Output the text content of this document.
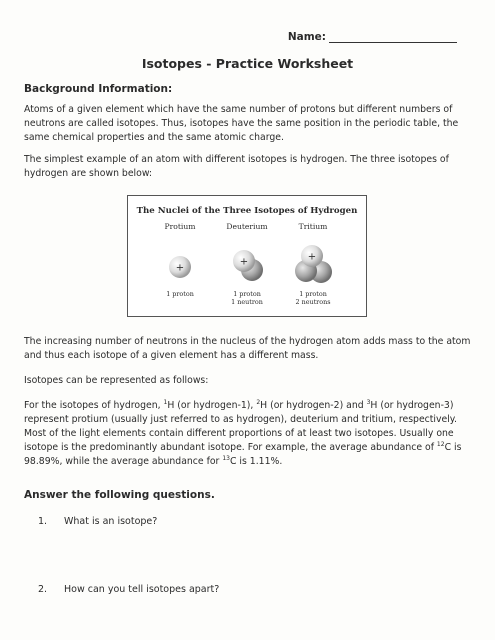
Name:
Isotopes - Practice Worksheet
Background Information:

Atoms of a given element which have the same number of protons but different numbers of neutrons are called isotopes. Thus, isotopes have the same position in the periodic table, the same chemical properties and the same atomic charge.

The simplest example of an atom with different isotopes is hydrogen. The three isotopes of hydrogen are shown below:

The Nuclei of the Three Isotopes of Hydrogen
+
+	+
Protium
1 proton
Deuterium
1 proton
1 neutron
Tritium
1 proton
2 neutrons

The increasing number of neutrons in the nucleus of the hydrogen atom adds mass to the atom and thus each isotope of a given element has a different mass.

Isotopes can be represented as follows:

For the isotopes of hydrogen, $^1$H (or hydrogen-1), $^2$H (or hydrogen-2) and $^3$H (or hydrogen-3) represent protium (usually just referred to as hydrogen), deuterium and tritium, respectively. Most of the light elements contain different proportions of at least two isotopes. Usually one isotope is the predominantly abundant isotope. For example, the average abundance of $^{12}$C is 98.89%, while the average abundance for $^{13}$C is 1.11%.

Answer the following questions.
1.	What is an isotope?
2.	How can you tell isotopes apart?
